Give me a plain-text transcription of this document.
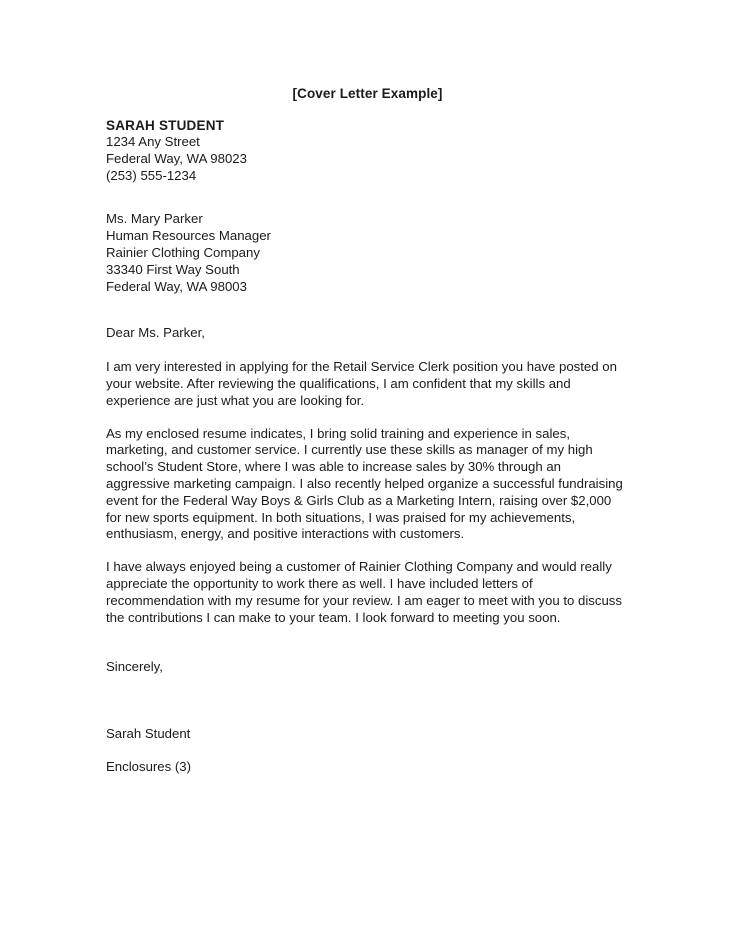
[Cover Letter Example]
SARAH STUDENT
1234 Any Street
Federal Way, WA 98023
(253) 555-1234
Ms. Mary Parker
Human Resources Manager
Rainier Clothing Company
33340 First Way South
Federal Way, WA 98003
Dear Ms. Parker,

I am very interested in applying for the Retail Service Clerk position you have posted on your website. After reviewing the qualifications, I am confident that my skills and experience are just what you are looking for.

As my enclosed resume indicates, I bring solid training and experience in sales, marketing, and customer service. I currently use these skills as manager of my high school’s Student Store, where I was able to increase sales by 30% through an aggressive marketing campaign. I also recently helped organize a successful fundraising event for the Federal Way Boys & Girls Club as a Marketing Intern, raising over $2,000 for new sports equipment. In both situations, I was praised for my achievements, enthusiasm, energy, and positive interactions with customers.

I have always enjoyed being a customer of Rainier Clothing Company and would really appreciate the opportunity to work there as well. I have included letters of recommendation with my resume for your review. I am eager to meet with you to discuss the contributions I can make to your team. I look forward to meeting you soon.

Sincerely,
Sarah Student
Enclosures (3)
